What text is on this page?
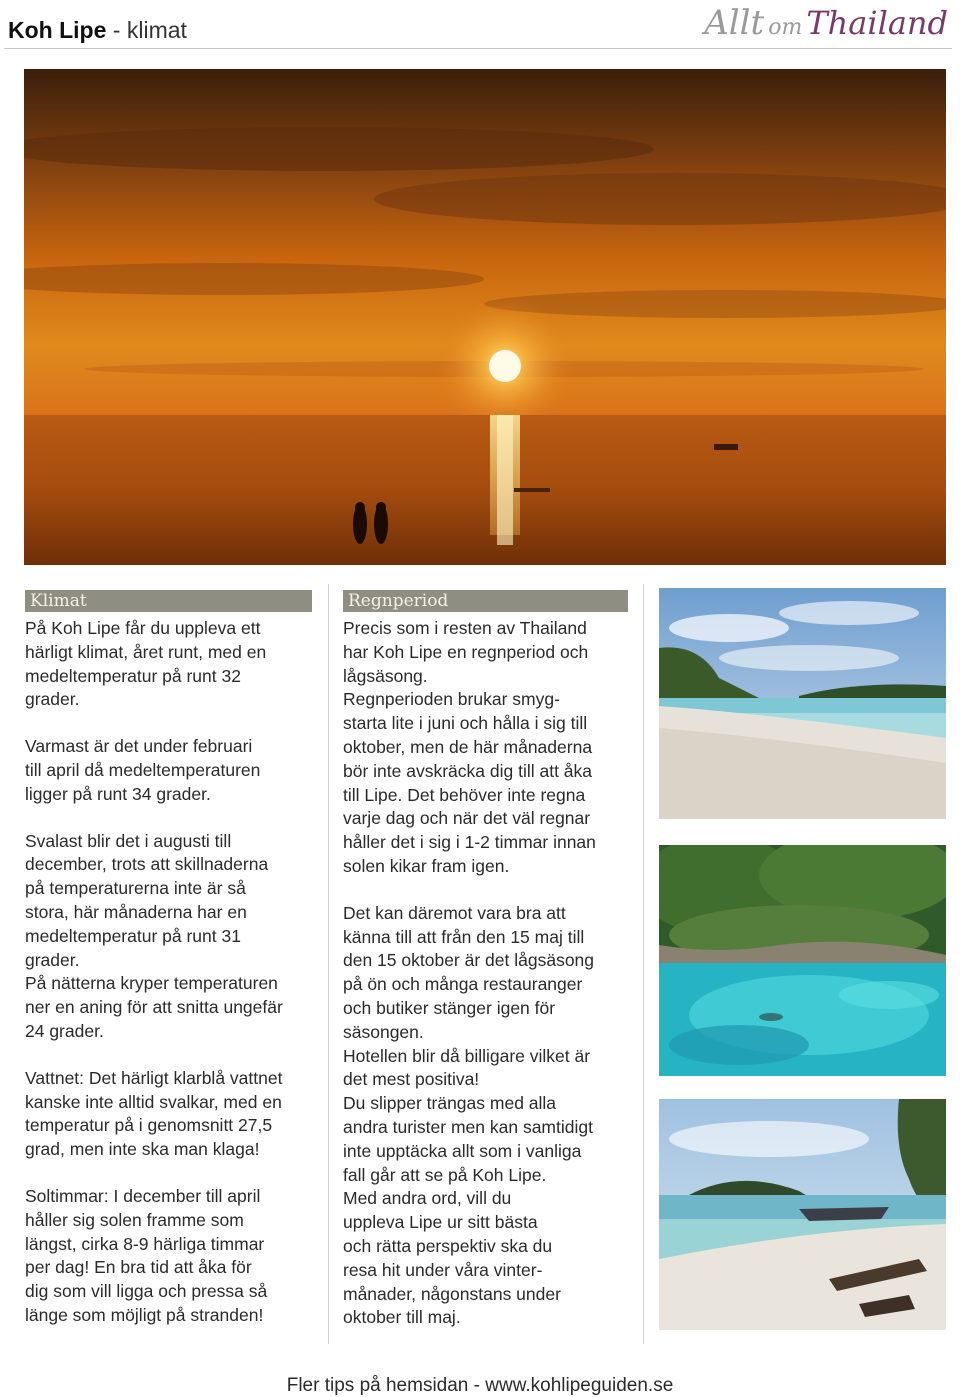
Koh Lipe - klimat	Allt om Thailand
Klimat

På Koh Lipe får du uppleva ett
härligt klimat, året runt, med en
medeltemperatur på runt 32
grader.

Varmast är det under februari
till april då medeltemperaturen
ligger på runt 34 grader.

Svalast blir det i augusti till
december, trots att skillnaderna
på temperaturerna inte är så
stora, här månaderna har en
medeltemperatur på runt 31
grader.

På nätterna kryper temperaturen
ner en aning för att snitta ungefär
24 grader.

Vattnet: Det härligt klarblå vattnet
kanske inte alltid svalkar, med en
temperatur på i genomsnitt 27,5
grad, men inte ska man klaga!

Soltimmar: I december till april
håller sig solen framme som
längst, cirka 8-9 härliga timmar
per dag! En bra tid att åka för
dig som vill ligga och pressa så
länge som möjligt på stranden!

Regnperiod

Precis som i resten av Thailand
har Koh Lipe en regnperiod och
lågsäsong.

Regnperioden brukar smyg-
starta lite i juni och hålla i sig till
oktober, men de här månaderna
bör inte avskräcka dig till att åka
till Lipe. Det behöver inte regna
varje dag och när det väl regnar
håller det i sig i 1-2 timmar innan
solen kikar fram igen.

Det kan däremot vara bra att
känna till att från den 15 maj till
den 15 oktober är det lågsäsong
på ön och många restauranger
och butiker stänger igen för
säsongen.

Hotellen blir då billigare vilket är
det mest positiva!

Du slipper trängas med alla
andra turister men kan samtidigt
inte upptäcka allt som i vanliga
fall går att se på Koh Lipe.

Med andra ord, vill du
uppleva Lipe ur sitt bästa
och rätta perspektiv ska du
resa hit under våra vinter-
månader, någonstans under
oktober till maj.

Fler tips på hemsidan - www.kohlipeguiden.se
